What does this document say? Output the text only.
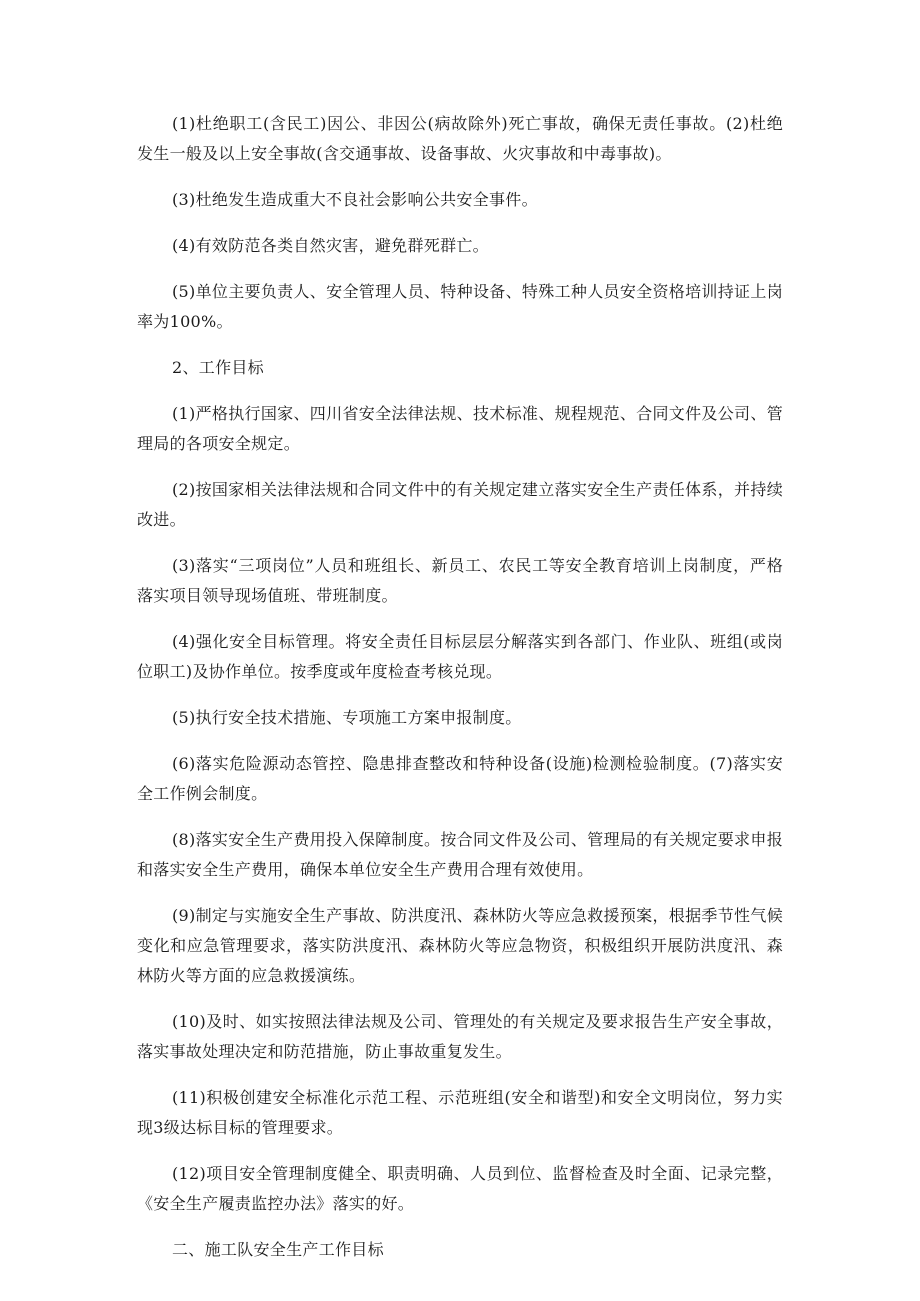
(1)杜绝职工(含民工)因公、非因公(病故除外)死亡事故，确保无责任事故。(2)杜绝发生一般及以上安全事故(含交通事故、设备事故、火灾事故和中毒事故)。

(3)杜绝发生造成重大不良社会影响公共安全事件。

(4)有效防范各类自然灾害，避免群死群亡。

(5)单位主要负责人、安全管理人员、特种设备、特殊工种人员安全资格培训持证上岗率为100%。

2、工作目标

(1)严格执行国家、四川省安全法律法规、技术标准、规程规范、合同文件及公司、管理局的各项安全规定。

(2)按国家相关法律法规和合同文件中的有关规定建立落实安全生产责任体系，并持续改进。

(3)落实“三项岗位”人员和班组长、新员工、农民工等安全教育培训上岗制度，严格落实项目领导现场值班、带班制度。

(4)强化安全目标管理。将安全责任目标层层分解落实到各部门、作业队、班组(或岗位职工)及协作单位。按季度或年度检查考核兑现。

(5)执行安全技术措施、专项施工方案申报制度。

(6)落实危险源动态管控、隐患排查整改和特种设备(设施)检测检验制度。(7)落实安全工作例会制度。

(8)落实安全生产费用投入保障制度。按合同文件及公司、管理局的有关规定要求申报和落实安全生产费用，确保本单位安全生产费用合理有效使用。

(9)制定与实施安全生产事故、防洪度汛、森林防火等应急救援预案，根据季节性气候变化和应急管理要求，落实防洪度汛、森林防火等应急物资，积极组织开展防洪度汛、森林防火等方面的应急救援演练。

(10)及时、如实按照法律法规及公司、管理处的有关规定及要求报告生产安全事故，落实事故处理决定和防范措施，防止事故重复发生。

(11)积极创建安全标准化示范工程、示范班组(安全和谐型)和安全文明岗位，努力实现3级达标目标的管理要求。

(12)项目安全管理制度健全、职责明确、人员到位、监督检查及时全面、记录完整，《安全生产履责监控办法》落实的好。

二、施工队安全生产工作目标
